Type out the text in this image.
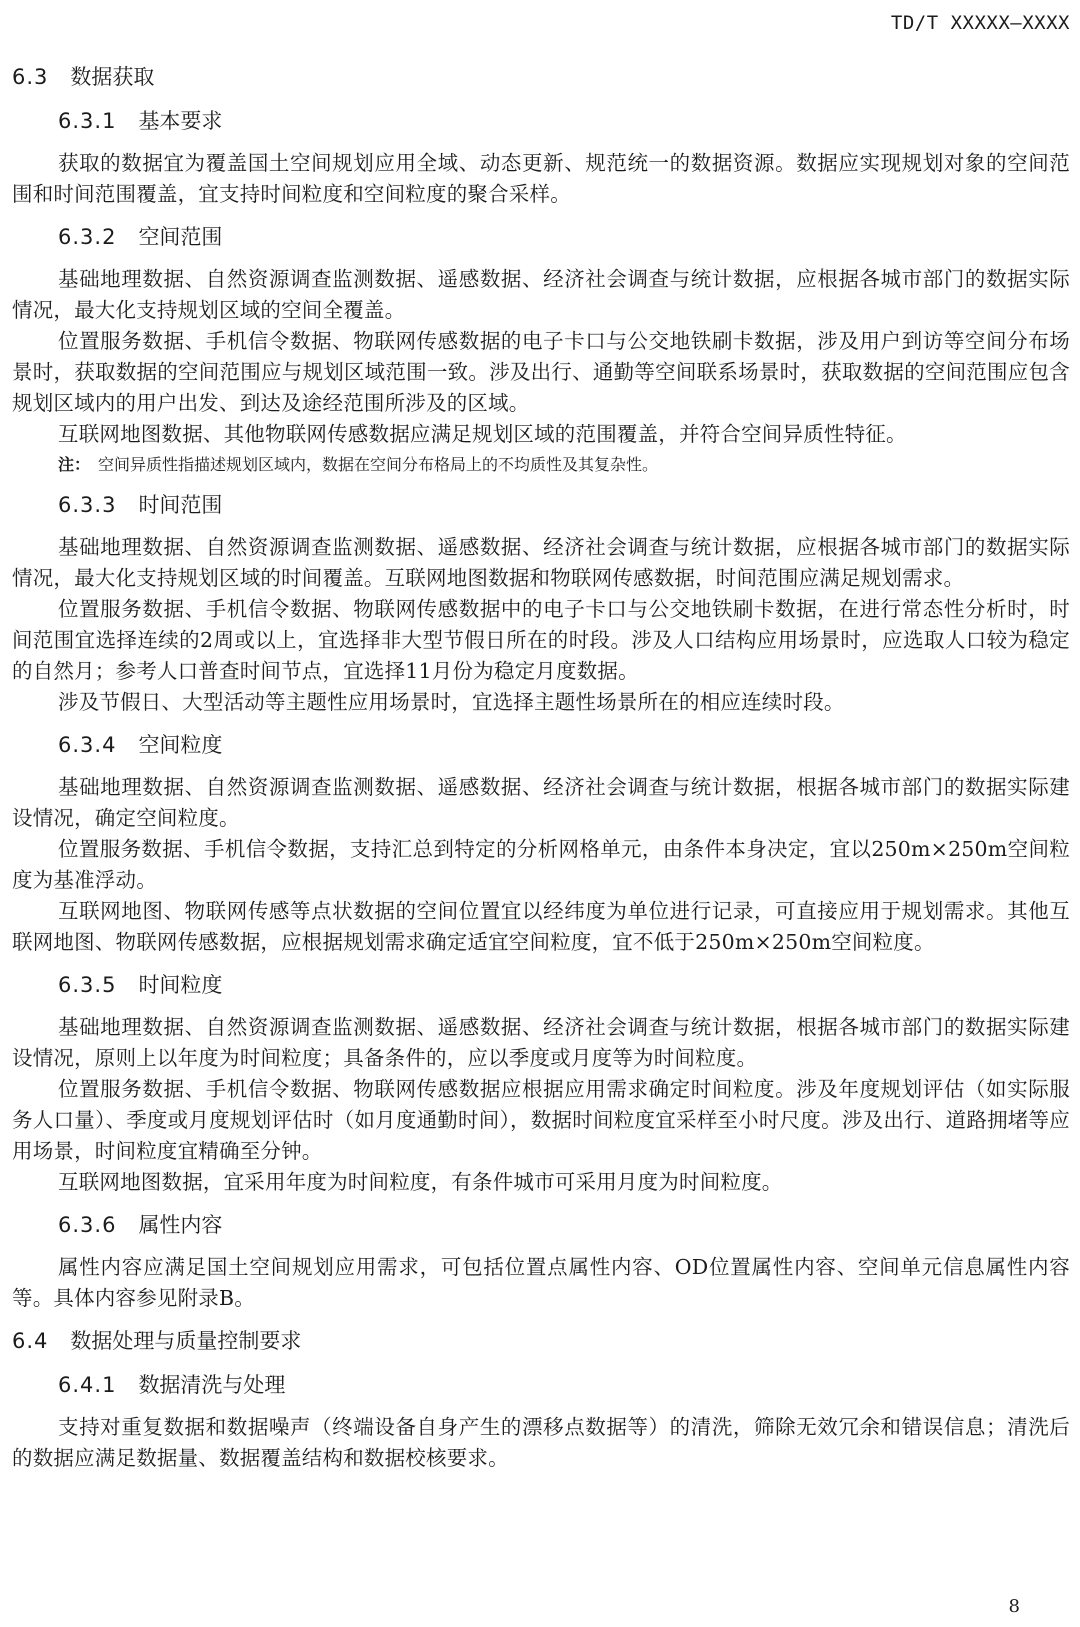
TD/T XXXXX—XXXX
6.3 数据获取
6.3.1 基本要求

获取的数据宜为覆盖国土空间规划应用全域、动态更新、规范统一的数据资源。数据应实现规划对象的空间范围和时间范围覆盖，宜支持时间粒度和空间粒度的聚合采样。

6.3.2 空间范围

基础地理数据、自然资源调查监测数据、遥感数据、经济社会调查与统计数据，应根据各城市部门的数据实际情况，最大化支持规划区域的空间全覆盖。

位置服务数据、手机信令数据、物联网传感数据的电子卡口与公交地铁刷卡数据，涉及用户到访等空间分布场景时，获取数据的空间范围应与规划区域范围一致。涉及出行、通勤等空间联系场景时，获取数据的空间范围应包含规划区域内的用户出发、到达及途经范围所涉及的区域。

互联网地图数据、其他物联网传感数据应满足规划区域的范围覆盖，并符合空间异质性特征。

注： 空间异质性指描述规划区域内，数据在空间分布格局上的不均质性及其复杂性。
6.3.3 时间范围

基础地理数据、自然资源调查监测数据、遥感数据、经济社会调查与统计数据，应根据各城市部门的数据实际情况，最大化支持规划区域的时间覆盖。互联网地图数据和物联网传感数据，时间范围应满足规划需求。

位置服务数据、手机信令数据、物联网传感数据中的电子卡口与公交地铁刷卡数据，在进行常态性分析时，时间范围宜选择连续的2周或以上，宜选择非大型节假日所在的时段。涉及人口结构应用场景时，应选取人口较为稳定的自然月；参考人口普查时间节点，宜选择11月份为稳定月度数据。

涉及节假日、大型活动等主题性应用场景时，宜选择主题性场景所在的相应连续时段。

6.3.4 空间粒度

基础地理数据、自然资源调查监测数据、遥感数据、经济社会调查与统计数据，根据各城市部门的数据实际建设情况，确定空间粒度。

位置服务数据、手机信令数据，支持汇总到特定的分析网格单元，由条件本身决定，宜以250m×250m空间粒度为基准浮动。

互联网地图、物联网传感等点状数据的空间位置宜以经纬度为单位进行记录，可直接应用于规划需求。其他互联网地图、物联网传感数据，应根据规划需求确定适宜空间粒度，宜不低于250m×250m空间粒度。

6.3.5 时间粒度

基础地理数据、自然资源调查监测数据、遥感数据、经济社会调查与统计数据，根据各城市部门的数据实际建设情况，原则上以年度为时间粒度；具备条件的，应以季度或月度等为时间粒度。

位置服务数据、手机信令数据、物联网传感数据应根据应用需求确定时间粒度。涉及年度规划评估（如实际服务人口量）、季度或月度规划评估时（如月度通勤时间），数据时间粒度宜采样至小时尺度。涉及出行、道路拥堵等应用场景，时间粒度宜精确至分钟。

互联网地图数据，宜采用年度为时间粒度，有条件城市可采用月度为时间粒度。

6.3.6 属性内容

属性内容应满足国土空间规划应用需求，可包括位置点属性内容、OD位置属性内容、空间单元信息属性内容等。具体内容参见附录B。

6.4 数据处理与质量控制要求
6.4.1 数据清洗与处理

支持对重复数据和数据噪声（终端设备自身产生的漂移点数据等）的清洗，筛除无效冗余和错误信息；清洗后的数据应满足数据量、数据覆盖结构和数据校核要求。

8
